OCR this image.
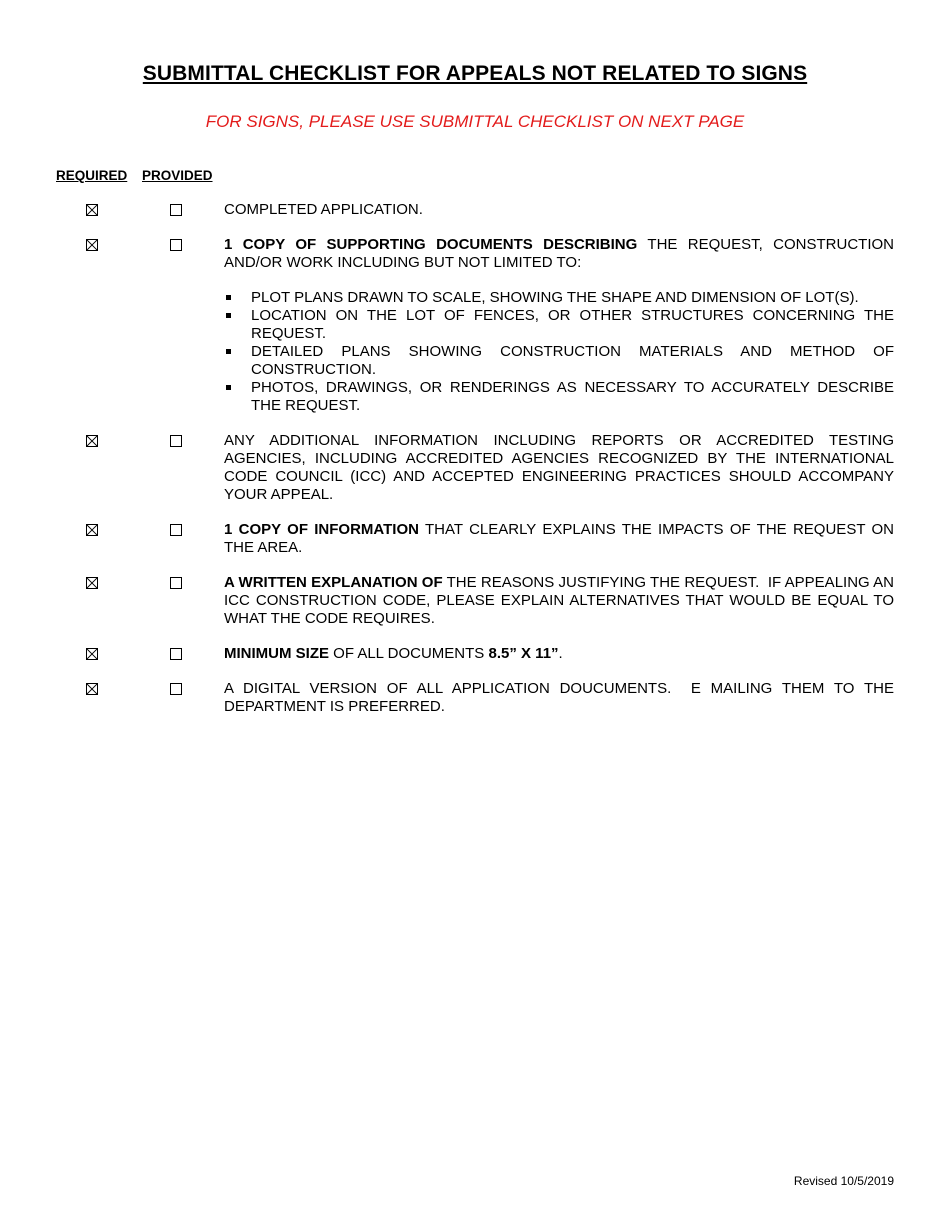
SUBMITTAL CHECKLIST FOR APPEALS NOT RELATED TO SIGNS
FOR SIGNS, PLEASE USE SUBMITTAL CHECKLIST ON NEXT PAGE
REQUIRED PROVIDED
COMPLETED APPLICATION.
1 COPY OF SUPPORTING DOCUMENTS DESCRIBING THE REQUEST, CONSTRUCTION AND/OR WORK INCLUDING BUT NOT LIMITED TO:
PLOT PLANS DRAWN TO SCALE, SHOWING THE SHAPE AND DIMENSION OF LOT(S).
LOCATION ON THE LOT OF FENCES, OR OTHER STRUCTURES CONCERNING THE REQUEST.
DETAILED PLANS SHOWING CONSTRUCTION MATERIALS AND METHOD OF CONSTRUCTION.
PHOTOS, DRAWINGS, OR RENDERINGS AS NECESSARY TO ACCURATELY DESCRIBE THE REQUEST.
ANY ADDITIONAL INFORMATION INCLUDING REPORTS OR ACCREDITED TESTING AGENCIES, INCLUDING ACCREDITED AGENCIES RECOGNIZED BY THE INTERNATIONAL CODE COUNCIL (ICC) AND ACCEPTED ENGINEERING PRACTICES SHOULD ACCOMPANY YOUR APPEAL.
1 COPY OF INFORMATION THAT CLEARLY EXPLAINS THE IMPACTS OF THE REQUEST ON THE AREA.
A WRITTEN EXPLANATION OF THE REASONS JUSTIFYING THE REQUEST.  IF APPEALING AN ICC CONSTRUCTION CODE, PLEASE EXPLAIN ALTERNATIVES THAT WOULD BE EQUAL TO WHAT THE CODE REQUIRES.
MINIMUM SIZE OF ALL DOCUMENTS 8.5” X 11”.
A DIGITAL VERSION OF ALL APPLICATION DOUCUMENTS.  E MAILING THEM TO THE DEPARTMENT IS PREFERRED.
Revised 10/5/2019
